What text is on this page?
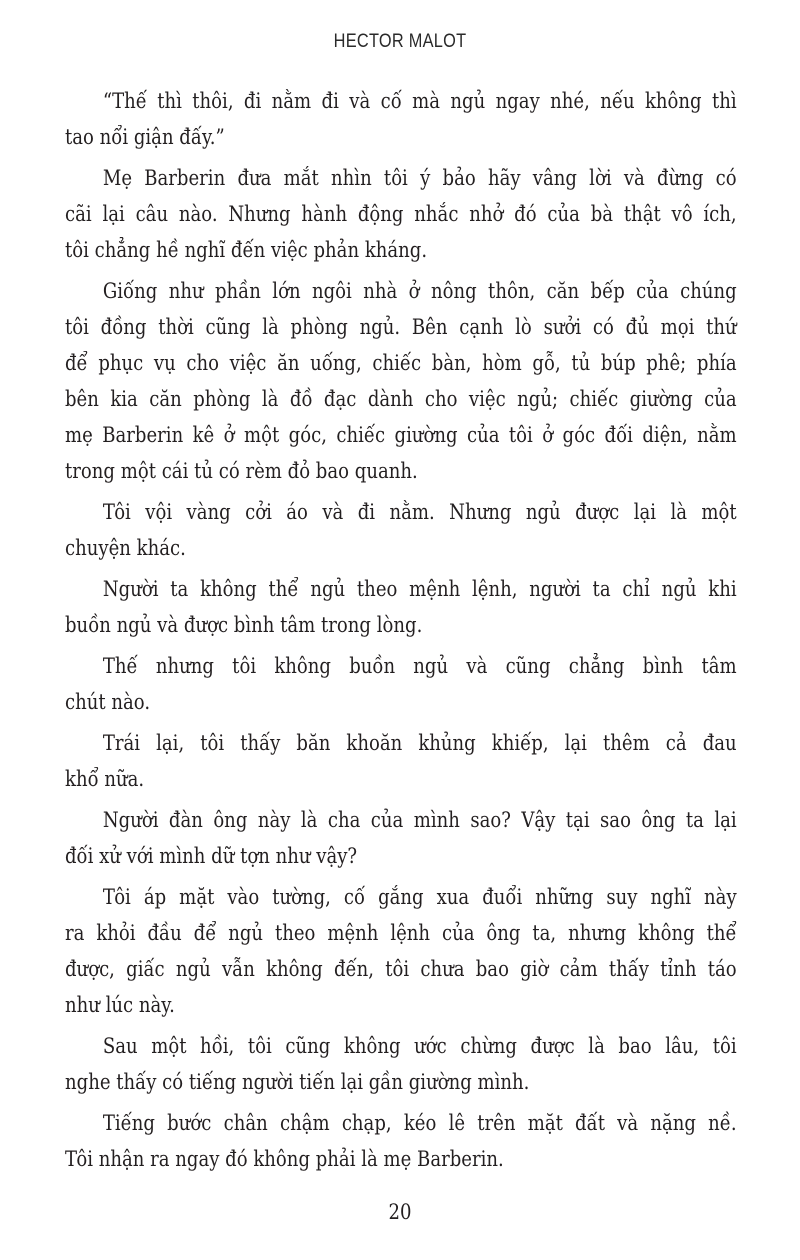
HECTOR MALOT
“Thế thì thôi, đi nằm đi và cố mà ngủ ngay nhé, nếu không thì
tao nổi giận đấy.”
Mẹ Barberin đưa mắt nhìn tôi ý bảo hãy vâng lời và đừng có
cãi lại câu nào. Nhưng hành động nhắc nhở đó của bà thật vô ích,
tôi chẳng hề nghĩ đến việc phản kháng.
Giống như phần lớn ngôi nhà ở nông thôn, căn bếp của chúng
tôi đồng thời cũng là phòng ngủ. Bên cạnh lò sưởi có đủ mọi thứ
để phục vụ cho việc ăn uống, chiếc bàn, hòm gỗ, tủ búp phê; phía
bên kia căn phòng là đồ đạc dành cho việc ngủ; chiếc giường của
mẹ Barberin kê ở một góc, chiếc giường của tôi ở góc đối diện, nằm
trong một cái tủ có rèm đỏ bao quanh.
Tôi vội vàng cởi áo và đi nằm. Nhưng ngủ được lại là một
chuyện khác.
Người ta không thể ngủ theo mệnh lệnh, người ta chỉ ngủ khi
buồn ngủ và được bình tâm trong lòng.
Thế nhưng tôi không buồn ngủ và cũng chẳng bình tâm
chút nào.
Trái lại, tôi thấy băn khoăn khủng khiếp, lại thêm cả đau
khổ nữa.
Người đàn ông này là cha của mình sao? Vậy tại sao ông ta lại
đối xử với mình dữ tợn như vậy?
Tôi áp mặt vào tường, cố gắng xua đuổi những suy nghĩ này
ra khỏi đầu để ngủ theo mệnh lệnh của ông ta, nhưng không thể
được, giấc ngủ vẫn không đến, tôi chưa bao giờ cảm thấy tỉnh táo
như lúc này.
Sau một hồi, tôi cũng không ước chừng được là bao lâu, tôi
nghe thấy có tiếng người tiến lại gần giường mình.
Tiếng bước chân chậm chạp, kéo lê trên mặt đất và nặng nề.
Tôi nhận ra ngay đó không phải là mẹ Barberin.
20
